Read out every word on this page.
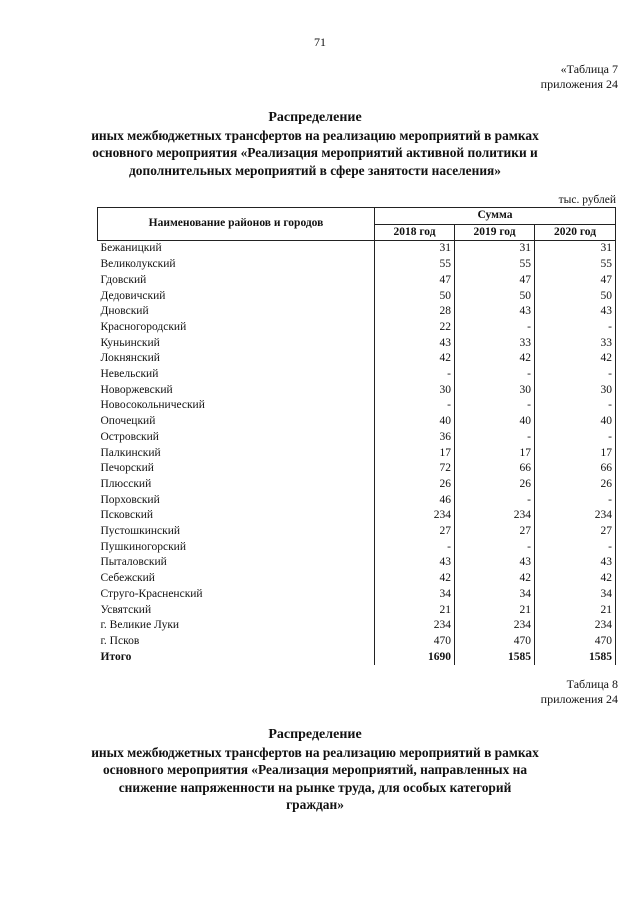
71
«Таблица 7
приложения 24
Распределение
иных межбюджетных трансфертов на реализацию мероприятий в рамках
основного мероприятия «Реализация мероприятий активной политики и
дополнительных мероприятий в сфере занятости населения»
тыс. рублей
Наименование районов и городов	Сумма		
	2018 год	2019 год	2020 год
Бежаницкий	31	31	31
Великолукский	55	55	55
Гдовский	47	47	47
Дедовичский	50	50	50
Дновский	28	43	43
Красногородский	22	-	-
Куньинский	43	33	33
Локнянский	42	42	42
Невельский	-	-	-
Новоржевский	30	30	30
Новосокольнический	-	-	-
Опочецкий	40	40	40
Островский	36	-	-
Палкинский	17	17	17
Печорский	72	66	66
Плюсский	26	26	26
Порховский	46	-	-
Псковский	234	234	234
Пустошкинский	27	27	27
Пушкиногорский	-	-	-
Пыталовский	43	43	43
Себежский	42	42	42
Струго-Красненский	34	34	34
Усвятский	21	21	21
г. Великие Луки	234	234	234
г. Псков	470	470	470
Итого	1690	1585	1585
Таблица 8
приложения 24
Распределение
иных межбюджетных трансфертов на реализацию мероприятий в рамках
основного мероприятия «Реализация мероприятий, направленных на
снижение напряженности на рынке труда, для особых категорий граждан»
